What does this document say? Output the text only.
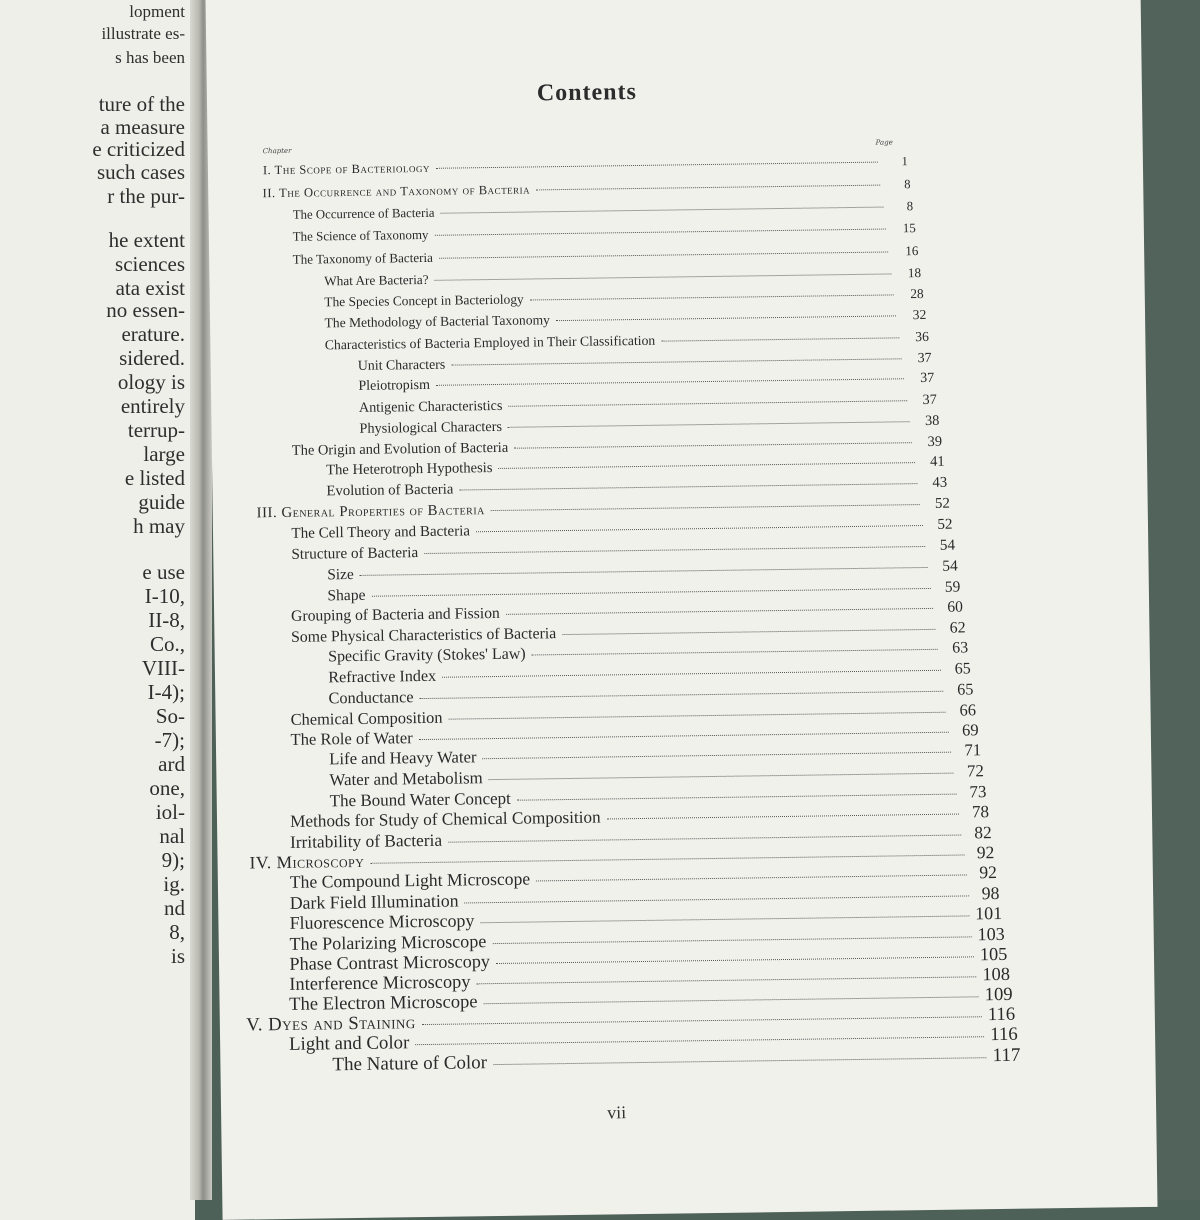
lopment
illustrate es-
s has been
ture of the
a measure
e criticized
such cases
r the pur-
he extent
sciences
ata exist
no essen-
erature.
sidered.
ology is
entirely
terrup-
large
e listed
guide
h may
e use
I-10,
II-8,
Co.,
VIII-
I-4);
So-
-7);
ard
one,
iol-
nal
9);
ig.
nd
8,
is
Contents
Chapter
Page
I. The Scope of Bacteriology	1
II. The Occurrence and Taxonomy of Bacteria	8
The Occurrence of Bacteria	8
The Science of Taxonomy	15
The Taxonomy of Bacteria	16
What Are Bacteria?	18
The Species Concept in Bacteriology	28
The Methodology of Bacterial Taxonomy	32
Characteristics of Bacteria Employed in Their Classification	36
Unit Characters	37
Pleiotropism	37
Antigenic Characteristics	37
Physiological Characters	38
The Origin and Evolution of Bacteria	39
The Heterotroph Hypothesis	41
Evolution of Bacteria	43
III. General Properties of Bacteria	52
The Cell Theory and Bacteria	52
Structure of Bacteria	54
Size	54
Shape	59
Grouping of Bacteria and Fission	60
Some Physical Characteristics of Bacteria	62
Specific Gravity (Stokes' Law)	63
Refractive Index	65
Conductance	65
Chemical Composition	66
The Role of Water	69
Life and Heavy Water	71
Water and Metabolism	72
The Bound Water Concept	73
Methods for Study of Chemical Composition	78
Irritability of Bacteria	82
IV. Microscopy	92
The Compound Light Microscope	92
Dark Field Illumination	98
Fluorescence Microscopy	101
The Polarizing Microscope	103
Phase Contrast Microscopy	105
Interference Microscopy	108
The Electron Microscope	109
V. Dyes and Staining	116
Light and Color	116
The Nature of Color	117
vii
